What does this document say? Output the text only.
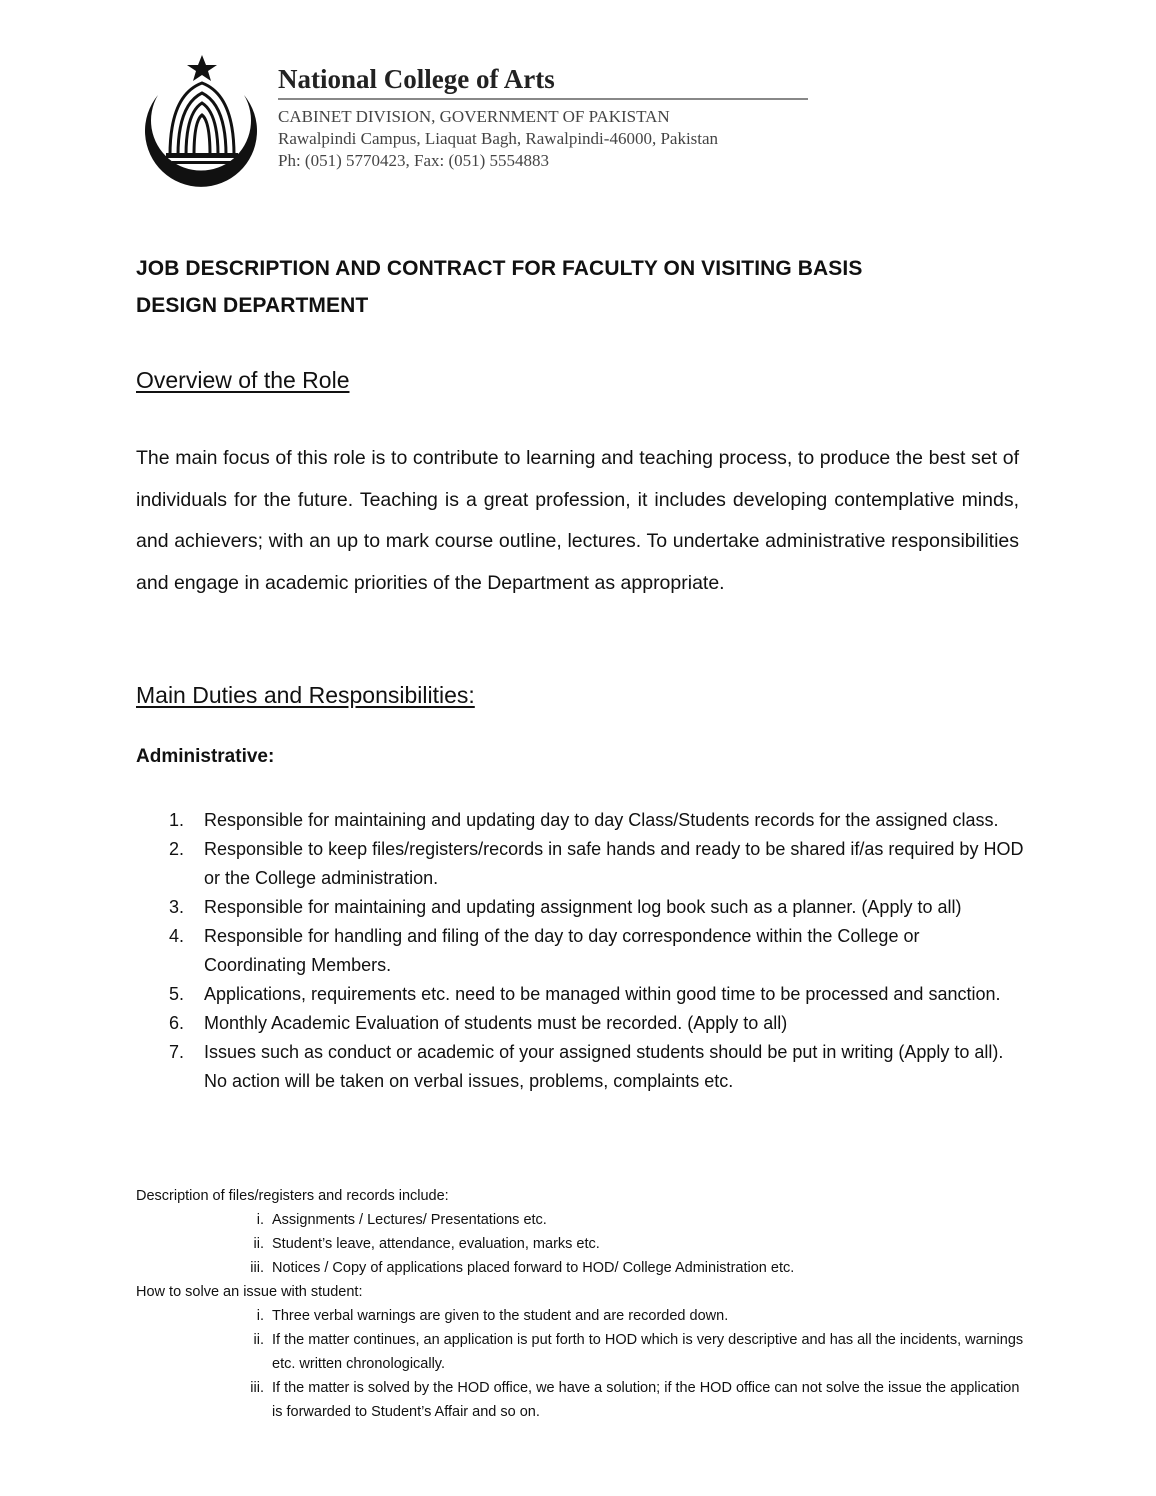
National College of Arts
CABINET DIVISION, GOVERNMENT OF PAKISTAN
Rawalpindi Campus, Liaquat Bagh, Rawalpindi-46000, Pakistan
Ph: (051) 5770423, Fax: (051) 5554883
JOB DESCRIPTION AND CONTRACT FOR FACULTY ON VISITING BASIS
DESIGN DEPARTMENT
Overview of the Role

The main focus of this role is to contribute to learning and teaching process, to produce the best set of individuals for the future. Teaching is a great profession, it includes developing contemplative minds, and achievers; with an up to mark course outline, lectures. To undertake administrative responsibilities and engage in academic priorities of the Department as appropriate.

Main Duties and Responsibilities:
Administrative:
1. Responsible for maintaining and updating day to day Class/Students records for the assigned class.
2. Responsible to keep files/registers/records in safe hands and ready to be shared if/as required by HOD or the College administration.
3. Responsible for maintaining and updating assignment log book such as a planner. (Apply to all)
4. Responsible for handling and filing of the day to day correspondence within the College or Coordinating Members.
5. Applications, requirements etc. need to be managed within good time to be processed and sanction.
6. Monthly Academic Evaluation of students must be recorded. (Apply to all)
7. Issues such as conduct or academic of your assigned students should be put in writing (Apply to all). No action will be taken on verbal issues, problems, complaints etc.
Description of files/registers and records include:
i. Assignments / Lectures/ Presentations etc.
ii. Student’s leave, attendance, evaluation, marks etc.
iii. Notices / Copy of applications placed forward to HOD/ College Administration etc.
How to solve an issue with student:
i. Three verbal warnings are given to the student and are recorded down.
ii. If the matter continues, an application is put forth to HOD which is very descriptive and has all the incidents, warnings etc. written chronologically.
iii. If the matter is solved by the HOD office, we have a solution; if the HOD office can not solve the issue the application is forwarded to Student’s Affair and so on.
